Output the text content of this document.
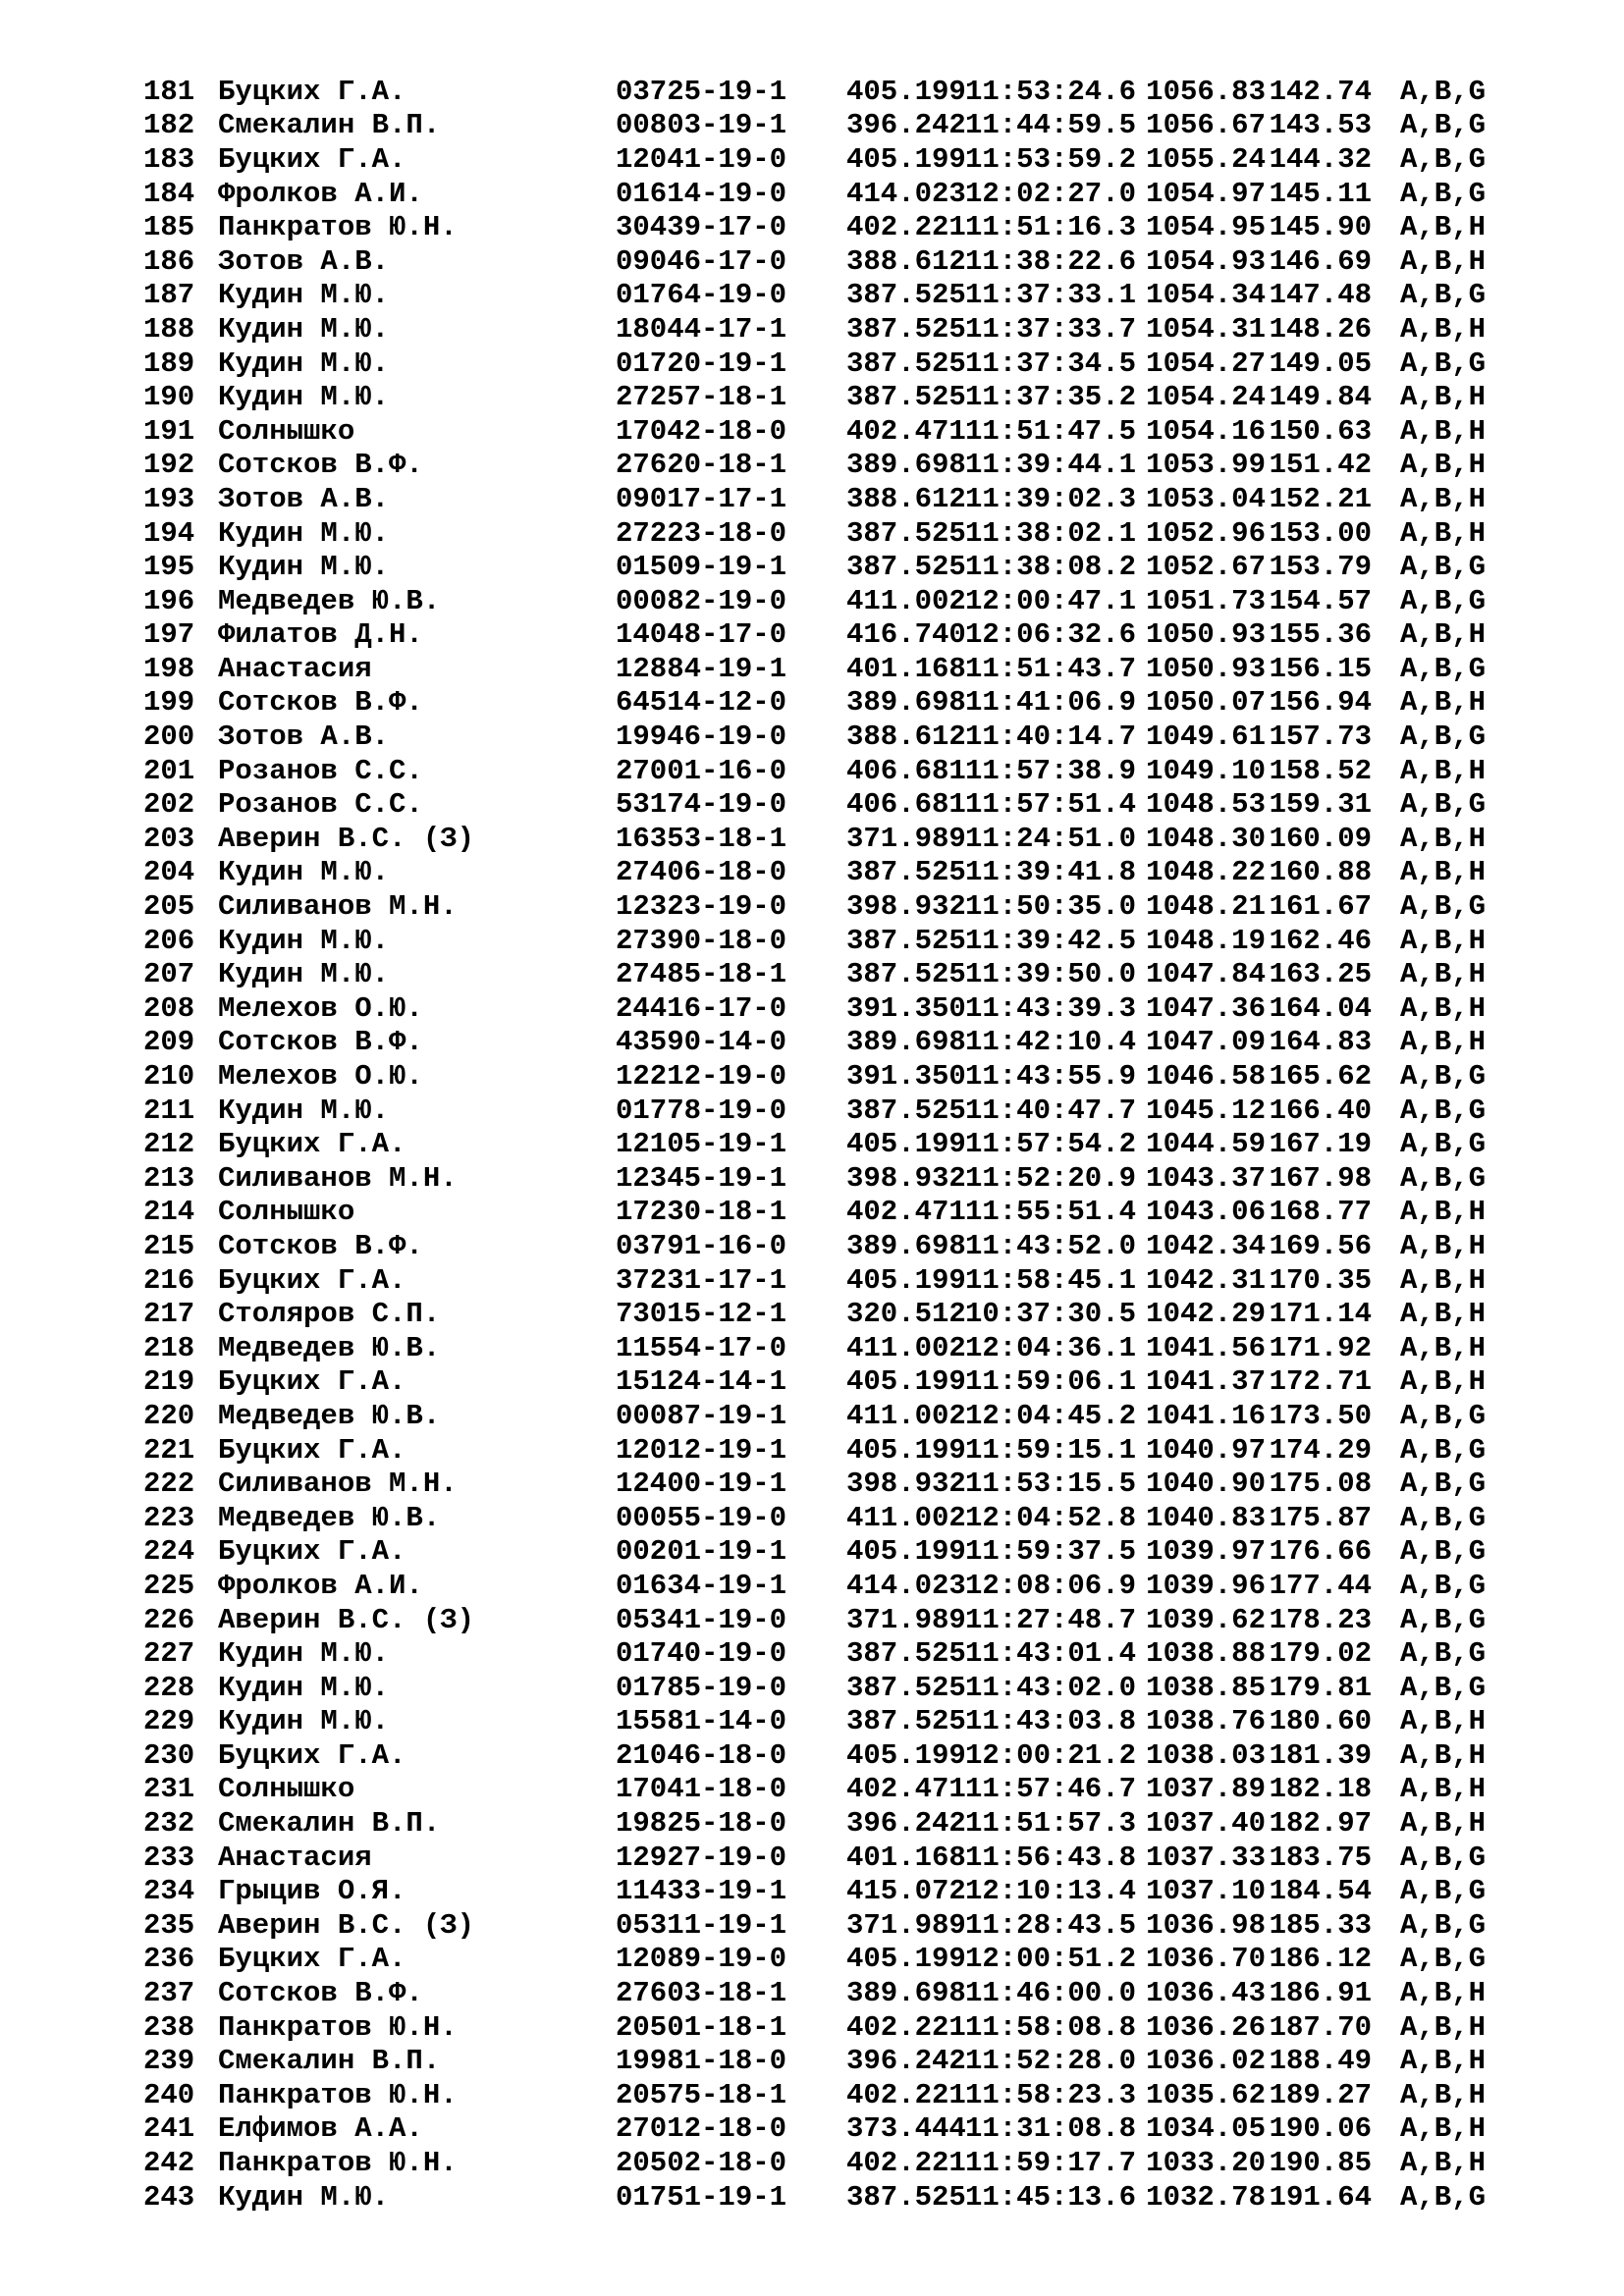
181 Буцких Г.А.	03725-19-1	405.199 11:53:24.6 1056.83 142.74 A,B,G
182 Смекалин В.П.	00803-19-1	396.242 11:44:59.5 1056.67 143.53 A,B,G
183 Буцких Г.А.	12041-19-0	405.199 11:53:59.2 1055.24 144.32 A,B,G
184 Фролков А.И.	01614-19-0	414.023 12:02:27.0 1054.97 145.11 A,B,G
185 Панкратов Ю.Н.	30439-17-0	402.221 11:51:16.3 1054.95 145.90 A,B,H
186 Зотов А.В.	09046-17-0	388.612 11:38:22.6 1054.93 146.69 A,B,H
187 Кудин М.Ю.	01764-19-0	387.525 11:37:33.1 1054.34 147.48 A,B,G
188 Кудин М.Ю.	18044-17-1	387.525 11:37:33.7 1054.31 148.26 A,B,H
189 Кудин М.Ю.	01720-19-1	387.525 11:37:34.5 1054.27 149.05 A,B,G
190 Кудин М.Ю.	27257-18-1	387.525 11:37:35.2 1054.24 149.84 A,B,H
191 Солнышко	17042-18-0	402.471 11:51:47.5 1054.16 150.63 A,B,H
192 Сотсков В.Ф.	27620-18-1	389.698 11:39:44.1 1053.99 151.42 A,B,H
193 Зотов А.В.	09017-17-1	388.612 11:39:02.3 1053.04 152.21 A,B,H
194 Кудин М.Ю.	27223-18-0	387.525 11:38:02.1 1052.96 153.00 A,B,H
195 Кудин М.Ю.	01509-19-1	387.525 11:38:08.2 1052.67 153.79 A,B,G
196 Медведев Ю.В.	00082-19-0	411.002 12:00:47.1 1051.73 154.57 A,B,G
197 Филатов Д.Н.	14048-17-0	416.740 12:06:32.6 1050.93 155.36 A,B,H
198 Анастасия	12884-19-1	401.168 11:51:43.7 1050.93 156.15 A,B,G
199 Сотсков В.Ф.	64514-12-0	389.698 11:41:06.9 1050.07 156.94 A,B,H
200 Зотов А.В.	19946-19-0	388.612 11:40:14.7 1049.61 157.73 A,B,G
201 Розанов С.С.	27001-16-0	406.681 11:57:38.9 1049.10 158.52 A,B,H
202 Розанов С.С.	53174-19-0	406.681 11:57:51.4 1048.53 159.31 A,B,G
203 Аверин В.С. (З)	16353-18-1	371.989 11:24:51.0 1048.30 160.09 A,B,H
204 Кудин М.Ю.	27406-18-0	387.525 11:39:41.8 1048.22 160.88 A,B,H
205 Силиванов М.Н.	12323-19-0	398.932 11:50:35.0 1048.21 161.67 A,B,G
206 Кудин М.Ю.	27390-18-0	387.525 11:39:42.5 1048.19 162.46 A,B,H
207 Кудин М.Ю.	27485-18-1	387.525 11:39:50.0 1047.84 163.25 A,B,H
208 Мелехов О.Ю.	24416-17-0	391.350 11:43:39.3 1047.36 164.04 A,B,H
209 Сотсков В.Ф.	43590-14-0	389.698 11:42:10.4 1047.09 164.83 A,B,H
210 Мелехов О.Ю.	12212-19-0	391.350 11:43:55.9 1046.58 165.62 A,B,G
211 Кудин М.Ю.	01778-19-0	387.525 11:40:47.7 1045.12 166.40 A,B,G
212 Буцких Г.А.	12105-19-1	405.199 11:57:54.2 1044.59 167.19 A,B,G
213 Силиванов М.Н.	12345-19-1	398.932 11:52:20.9 1043.37 167.98 A,B,G
214 Солнышко	17230-18-1	402.471 11:55:51.4 1043.06 168.77 A,B,H
215 Сотсков В.Ф.	03791-16-0	389.698 11:43:52.0 1042.34 169.56 A,B,H
216 Буцких Г.А.	37231-17-1	405.199 11:58:45.1 1042.31 170.35 A,B,H
217 Столяров С.П.	73015-12-1	320.512 10:37:30.5 1042.29 171.14 A,B,H
218 Медведев Ю.В.	11554-17-0	411.002 12:04:36.1 1041.56 171.92 A,B,H
219 Буцких Г.А.	15124-14-1	405.199 11:59:06.1 1041.37 172.71 A,B,H
220 Медведев Ю.В.	00087-19-1	411.002 12:04:45.2 1041.16 173.50 A,B,G
221 Буцких Г.А.	12012-19-1	405.199 11:59:15.1 1040.97 174.29 A,B,G
222 Силиванов М.Н.	12400-19-1	398.932 11:53:15.5 1040.90 175.08 A,B,G
223 Медведев Ю.В.	00055-19-0	411.002 12:04:52.8 1040.83 175.87 A,B,G
224 Буцких Г.А.	00201-19-1	405.199 11:59:37.5 1039.97 176.66 A,B,G
225 Фролков А.И.	01634-19-1	414.023 12:08:06.9 1039.96 177.44 A,B,G
226 Аверин В.С. (З)	05341-19-0	371.989 11:27:48.7 1039.62 178.23 A,B,G
227 Кудин М.Ю.	01740-19-0	387.525 11:43:01.4 1038.88 179.02 A,B,G
228 Кудин М.Ю.	01785-19-0	387.525 11:43:02.0 1038.85 179.81 A,B,G
229 Кудин М.Ю.	15581-14-0	387.525 11:43:03.8 1038.76 180.60 A,B,H
230 Буцких Г.А.	21046-18-0	405.199 12:00:21.2 1038.03 181.39 A,B,H
231 Солнышко	17041-18-0	402.471 11:57:46.7 1037.89 182.18 A,B,H
232 Смекалин В.П.	19825-18-0	396.242 11:51:57.3 1037.40 182.97 A,B,H
233 Анастасия	12927-19-0	401.168 11:56:43.8 1037.33 183.75 A,B,G
234 Грыцив О.Я.	11433-19-1	415.072 12:10:13.4 1037.10 184.54 A,B,G
235 Аверин В.С. (З)	05311-19-1	371.989 11:28:43.5 1036.98 185.33 A,B,G
236 Буцких Г.А.	12089-19-0	405.199 12:00:51.2 1036.70 186.12 A,B,G
237 Сотсков В.Ф.	27603-18-1	389.698 11:46:00.0 1036.43 186.91 A,B,H
238 Панкратов Ю.Н.	20501-18-1	402.221 11:58:08.8 1036.26 187.70 A,B,H
239 Смекалин В.П.	19981-18-0	396.242 11:52:28.0 1036.02 188.49 A,B,H
240 Панкратов Ю.Н.	20575-18-1	402.221 11:58:23.3 1035.62 189.27 A,B,H
241 Елфимов А.А.	27012-18-0	373.444 11:31:08.8 1034.05 190.06 A,B,H
242 Панкратов Ю.Н.	20502-18-0	402.221 11:59:17.7 1033.20 190.85 A,B,H
243 Кудин М.Ю.	01751-19-1	387.525 11:45:13.6 1032.78 191.64 A,B,G
